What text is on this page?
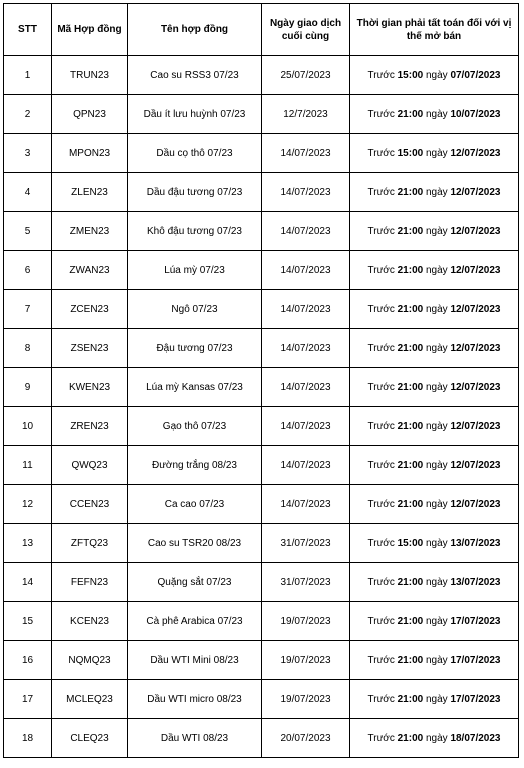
STT	Mã Hợp đồng	Tên hợp đồng	Ngày giao dịch cuối cùng	Thời gian phải tất toán đối với vị thế mở bán
1	TRUN23	Cao su RSS3 07/23	25/07/2023	Trước 15:00 ngày 07/07/2023
2	QPN23	Dầu ít lưu huỳnh 07/23	12/7/2023	Trước 21:00 ngày 10/07/2023
3	MPON23	Dầu cọ thô 07/23	14/07/2023	Trước 15:00 ngày 12/07/2023
4	ZLEN23	Dầu đậu tương 07/23	14/07/2023	Trước 21:00 ngày 12/07/2023
5	ZMEN23	Khô đậu tương 07/23	14/07/2023	Trước 21:00 ngày 12/07/2023
6	ZWAN23	Lúa mỳ 07/23	14/07/2023	Trước 21:00 ngày 12/07/2023
7	ZCEN23	Ngô 07/23	14/07/2023	Trước 21:00 ngày 12/07/2023
8	ZSEN23	Đậu tương 07/23	14/07/2023	Trước 21:00 ngày 12/07/2023
9	KWEN23	Lúa mỳ Kansas 07/23	14/07/2023	Trước 21:00 ngày 12/07/2023
10	ZREN23	Gạo thô 07/23	14/07/2023	Trước 21:00 ngày 12/07/2023
11	QWQ23	Đường trắng 08/23	14/07/2023	Trước 21:00 ngày 12/07/2023
12	CCEN23	Ca cao 07/23	14/07/2023	Trước 21:00 ngày 12/07/2023
13	ZFTQ23	Cao su TSR20 08/23	31/07/2023	Trước 15:00 ngày 13/07/2023
14	FEFN23	Quặng sắt 07/23	31/07/2023	Trước 21:00 ngày 13/07/2023
15	KCEN23	Cà phê Arabica 07/23	19/07/2023	Trước 21:00 ngày 17/07/2023
16	NQMQ23	Dầu WTI Mini 08/23	19/07/2023	Trước 21:00 ngày 17/07/2023
17	MCLEQ23	Dầu WTI micro 08/23	19/07/2023	Trước 21:00 ngày 17/07/2023
18	CLEQ23	Dầu WTI 08/23	20/07/2023	Trước 21:00 ngày 18/07/2023
